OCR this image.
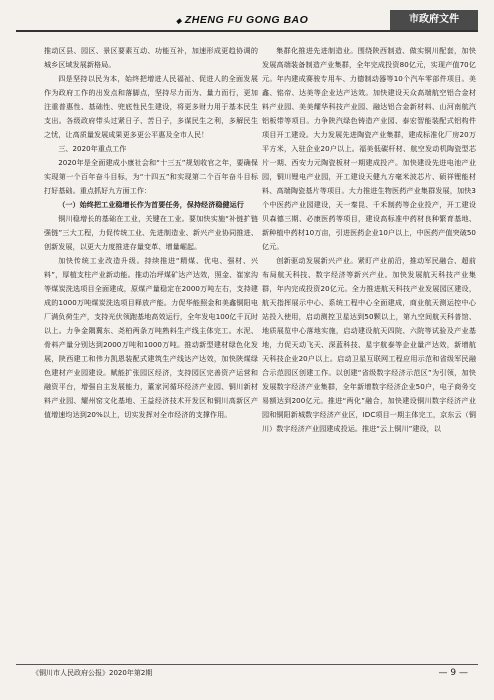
◆ ZHENG FU GONG BAO	市政府文件

推动区县、园区、景区要素互动、功能互补，加速形成更趋协调的城乡区域发展新格局。

四是坚持以民为本，始终把增进人民福祉、促进人的全面发展作为政府工作的出发点和落脚点，坚持尽力而为、量力而行，更加注重普惠性、基础性、兜底性民生建设，将更多财力用于基本民生支出。各级政府带头过紧日子、苦日子，多谋民生之利，多解民生之忧，让高质量发展成果更多更公平惠及全市人民！

三、2020年重点工作

2020年是全面建成小康社会和“十三五”规划收官之年，要确保实现第一个百年奋斗目标，为“十四五”和实现第二个百年奋斗目标打好基础。重点抓好九方面工作：

（一）始终把工业稳增长作为首要任务，保持经济稳健运行

铜川稳增长的基础在工业，关键在工业。要加快实施“补链扩链强链”三大工程，力促传统工业、先进制造业、新兴产业协同推进、创新发展，以更大力度推进存量变革、增量崛起。

加快传统工业改造升级。持续推进“精煤、优电、强材、兴料”，厚植支柱产业新动能。推动冶坪煤矿达产达效，照金、崔家沟等煤炭洗选项目全面建成，原煤产量稳定在2000万吨左右，支持建成的1000万吨煤炭洗选项目释放产能。力促华能照金和美鑫铜阳电厂满负荷生产，支持光伏领跑基地高效运行，全年发电100亿千瓦时以上。力争金隅冀东、尧柏两条万吨熟料生产线主体完工。水泥、骨料产量分别达到2000万吨和1000万吨。推动新型建材绿色化发展，陕西建工和伟力凯恩装配式建筑生产线达产达效，加快陕煤绿色建材产业园建设。赋能扩张园区经济，支持园区完善资产运营和融资平台，增强自主发展能力，董家河循环经济产业园、铜川新材料产业园、耀州窑文化基地、王益经济技术开发区和铜川高新区产值增速均达到20%以上，切实发挥对全市经济的支撑作用。

集群化推进先进制造业。围绕陕西制造、做实铜川配套，加快发展高端装备制造产业集群，全年完成投资80亿元，实现产值70亿元。年内建成赛骏专用车、力德制动器等10个汽车零部件项目。美鑫、铭帝、达美等企业达产达效。加快建设天众高端航空铝合金材料产业园、美美耀华科技产业园、融达铝合金新材料、山河南航汽铝板带等项目。力争陕汽绿色铸造产业园、泰宏智能装配式铝构件项目开工建设。大力发展先进陶瓷产业集群，建成标准化厂房20万平方米，入驻企业20户以上。福美低碳杆材、航空发动机陶瓷型芯片一期、西安力元陶瓷板材一期建成投产。加快建设先进电池产业园，铜川锂电产业园，开工建设天健九方毫米波芯片、硕祥锂能材料、高端陶瓷基片等项目。大力推进生物医药产业集群发展，加快3个中医药产业园建设，天一秦昆、千禾制药等企业投产，开工建设贝森德三期、必康医药等项目，建设高标准中药材良种繁育基地、新种植中药材10万亩，引进医药企业10户以上，中医药产值突破50亿元。

创新驱动发展新兴产业。紧盯产业前沿，推动军民融合、超前布局航天科技、数字经济等新兴产业。加快发展航天科技产业集群，年内完成投资20亿元。全力推进航天科技产业发展园区建设，航天指挥展示中心、系统工程中心全面建成，商业航天测运控中心站投入使用，启动测控卫星达到50颗以上，第九空间航天科普馆、地质展览中心落地实施，启动建设航天四院、六院等试验及产业基地，力促天动飞天、深蓝科技、星宇航泰等企业量产达效，新增航天科技企业20户以上。启动卫星互联网工程应用示范和省级军民融合示范园区创建工作。以创建“省级数字经济示范区”为引领，加快发展数字经济产业集群，全年新增数字经济企业50户，电子商务交易额达到200亿元。推进“两化”融合，加快建设铜川数字经济产业园和铜阳新城数字经济产业区，IDC项目一期主体完工，京东云（铜川）数字经济产业园建成投运。推进“云上铜川”建设，以

《铜川市人民政府公报》2020年第2期	— 9 —
